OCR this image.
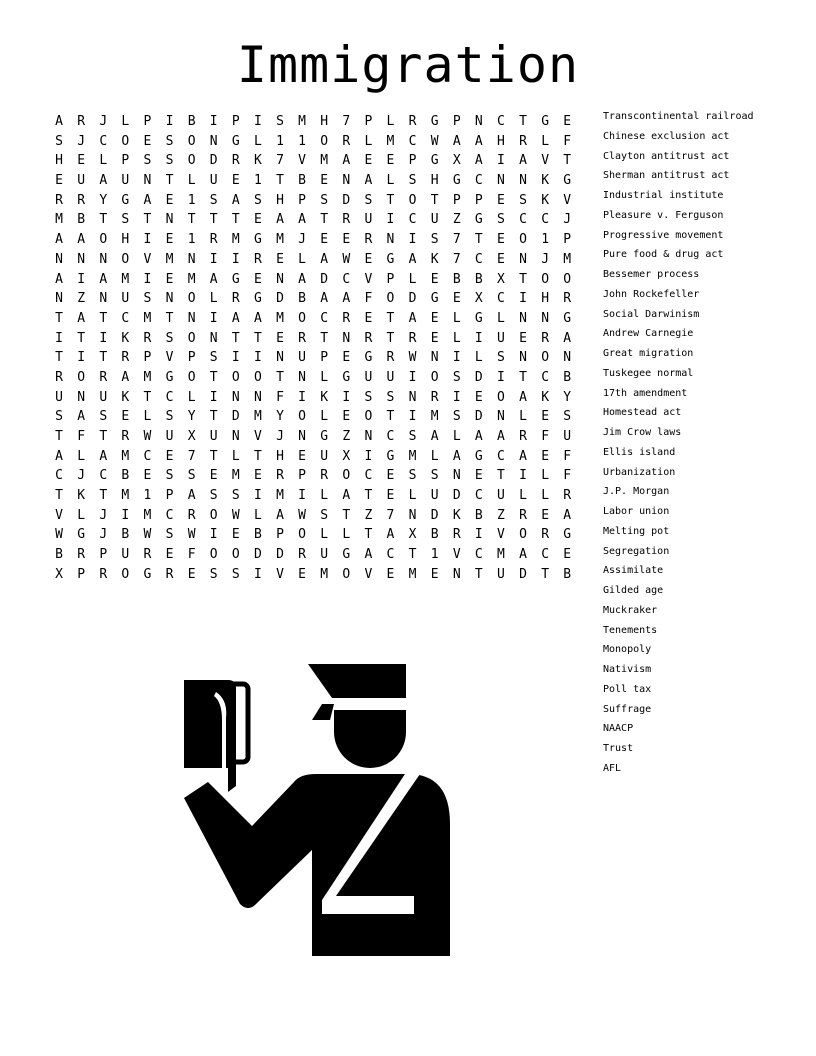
Immigration
A	R	J	L	P	I	B	I	P	I	S	M	H	7	P	L	R	G	P	N	C	T	G	E
S	J	C	O	E	S	O	N	G	L	1	1	O	R	L	M	C	W	A	A	H	R	L	F
H	E	L	P	S	S	O	D	R	K	7	V	M	A	E	E	P	G	X	A	I	A	V	T
E	U	A	U	N	T	L	U	E	1	T	B	E	N	A	L	S	H	G	C	N	N	K	G
R	R	Y	G	A	E	1	S	A	S	H	P	S	D	S	T	O	T	P	P	E	S	K	V
M	B	T	S	T	N	T	T	T	E	A	A	T	R	U	I	C	U	Z	G	S	C	C	J
A	A	O	H	I	E	1	R	M	G	M	J	E	E	R	N	I	S	7	T	E	O	1	P
N	N	N	O	V	M	N	I	I	R	E	L	A	W	E	G	A	K	7	C	E	N	J	M
A	I	A	M	I	E	M	A	G	E	N	A	D	C	V	P	L	E	B	B	X	T	O	O
N	Z	N	U	S	N	O	L	R	G	D	B	A	A	F	O	D	G	E	X	C	I	H	R
T	A	T	C	M	T	N	I	A	A	M	O	C	R	E	T	A	E	L	G	L	N	N	G
I	T	I	K	R	S	O	N	T	T	E	R	T	N	R	T	R	E	L	I	U	E	R	A
T	I	T	R	P	V	P	S	I	I	N	U	P	E	G	R	W	N	I	L	S	N	O	N
R	O	R	A	M	G	O	T	O	O	T	N	L	G	U	U	I	O	S	D	I	T	C	B
U	N	U	K	T	C	L	I	N	N	F	I	K	I	S	S	N	R	I	E	O	A	K	Y
S	A	S	E	L	S	Y	T	D	M	Y	O	L	E	O	T	I	M	S	D	N	L	E	S
T	F	T	R	W	U	X	U	N	V	J	N	G	Z	N	C	S	A	L	A	A	R	F	U
A	L	A	M	C	E	7	T	L	T	H	E	U	X	I	G	M	L	A	G	C	A	E	F
C	J	C	B	E	S	S	E	M	E	R	P	R	O	C	E	S	S	N	E	T	I	L	F
T	K	T	M	1	P	A	S	S	I	M	I	L	A	T	E	L	U	D	C	U	L	L	R
V	L	J	I	M	C	R	O	W	L	A	W	S	T	Z	7	N	D	K	B	Z	R	E	A
W	G	J	B	W	S	W	I	E	B	P	O	L	L	T	A	X	B	R	I	V	O	R	G
B	R	P	U	R	E	F	O	O	D	D	R	U	G	A	C	T	1	V	C	M	A	C	E
X	P	R	O	G	R	E	S	S	I	V	E	M	O	V	E	M	E	N	T	U	D	T	B
Transcontinental railroad
Chinese exclusion act
Clayton antitrust act
Sherman antitrust act
Industrial institute
Pleasure v. Ferguson
Progressive movement
Pure food & drug act
Bessemer process
John Rockefeller
Social Darwinism
Andrew Carnegie
Great migration
Tuskegee normal
17th amendment
Homestead act
Jim Crow laws
Ellis island
Urbanization
J.P. Morgan
Labor union
Melting pot
Segregation
Assimilate
Gilded age
Muckraker
Tenements
Monopoly
Nativism
Poll tax
Suffrage
NAACP
Trust
AFL
